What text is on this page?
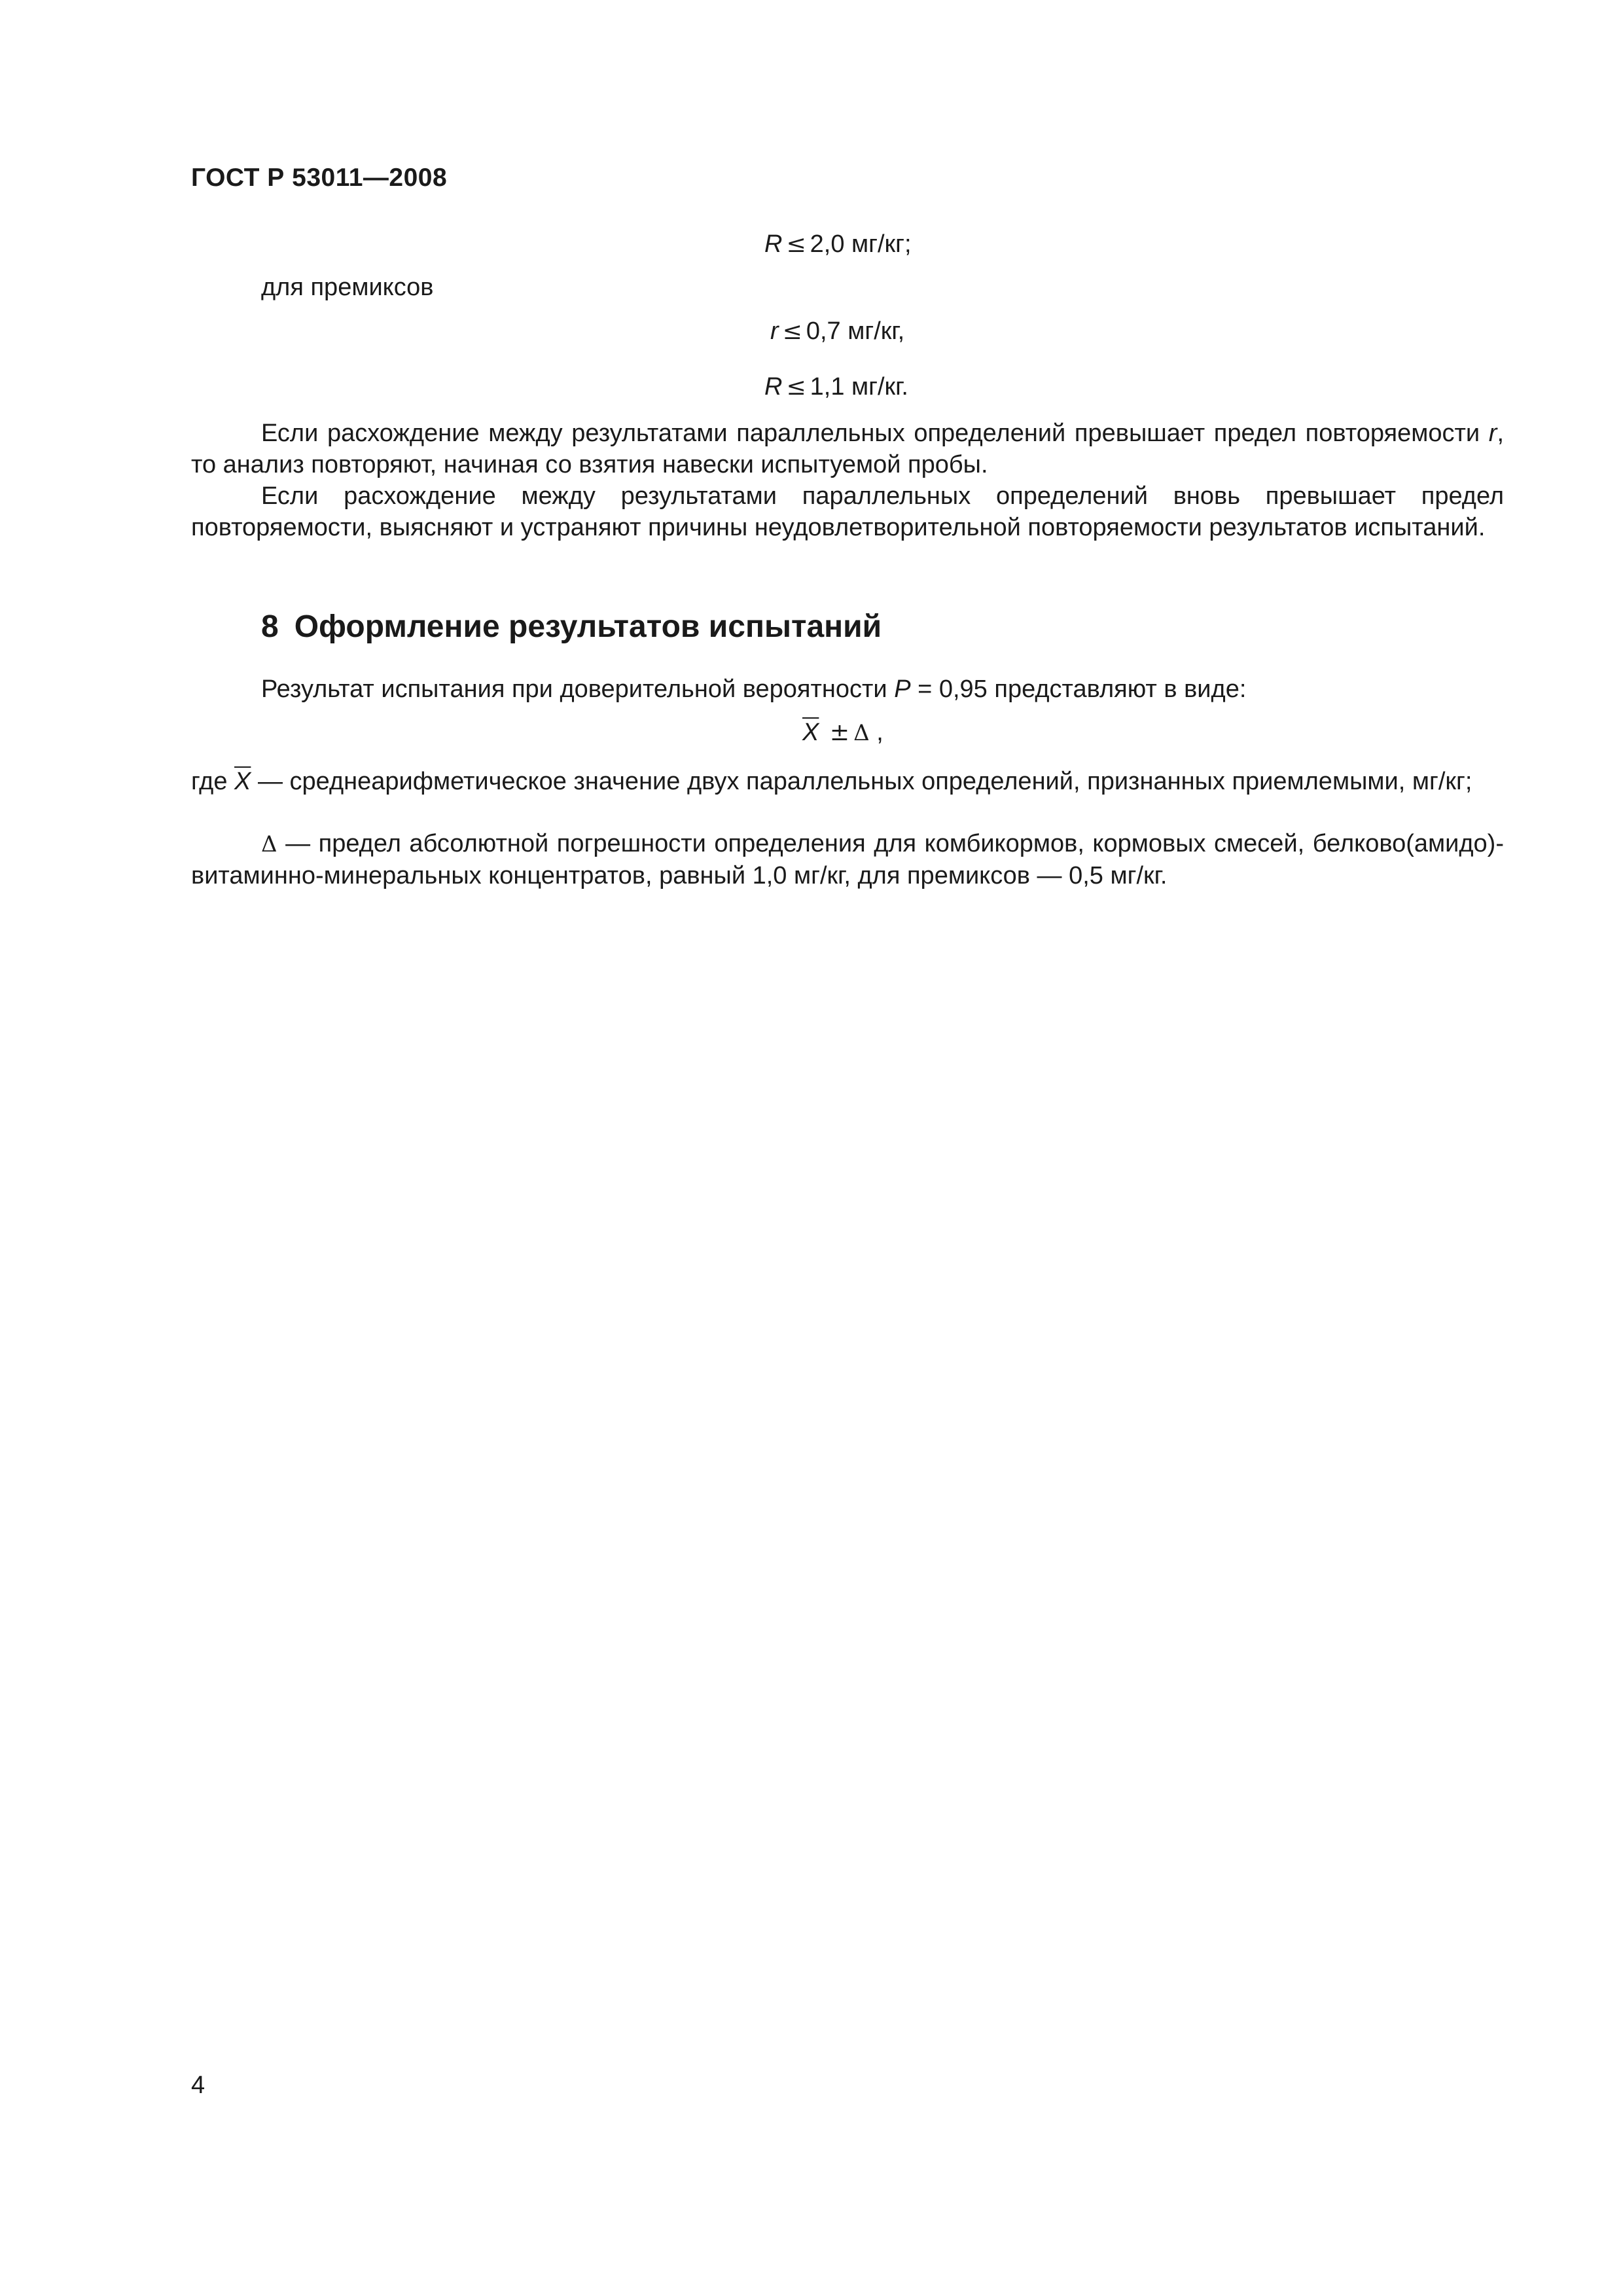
ГОСТ Р 53011—2008
R ≤ 2,0 мг/кг;
для премиксов
r ≤ 0,7 мг/кг,
R ≤ 1,1 мг/кг.

Если расхождение между результатами параллельных определений превышает предел повторяемости r, то анализ повторяют, начиная со взятия навески испытуемой пробы.

Если расхождение между результатами параллельных определений вновь превышает предел повторяемости, выясняют и устраняют причины неудовлетворительной повторяемости результатов испытаний.

8 Оформление результатов испытаний
Результат испытания при доверительной вероятности P = 0,95 представляют в виде:
$\overline{X} \pm \Delta$ ,

где $\overline{X}$ — среднеарифметическое значение двух параллельных определений, признанных приемлемыми, мг/кг;

Δ — предел абсолютной погрешности определения для комбикормов, кормовых смесей, белково(амидо)-витаминно-минеральных концентратов, равный 1,0 мг/кг, для премиксов — 0,5 мг/кг.

4
